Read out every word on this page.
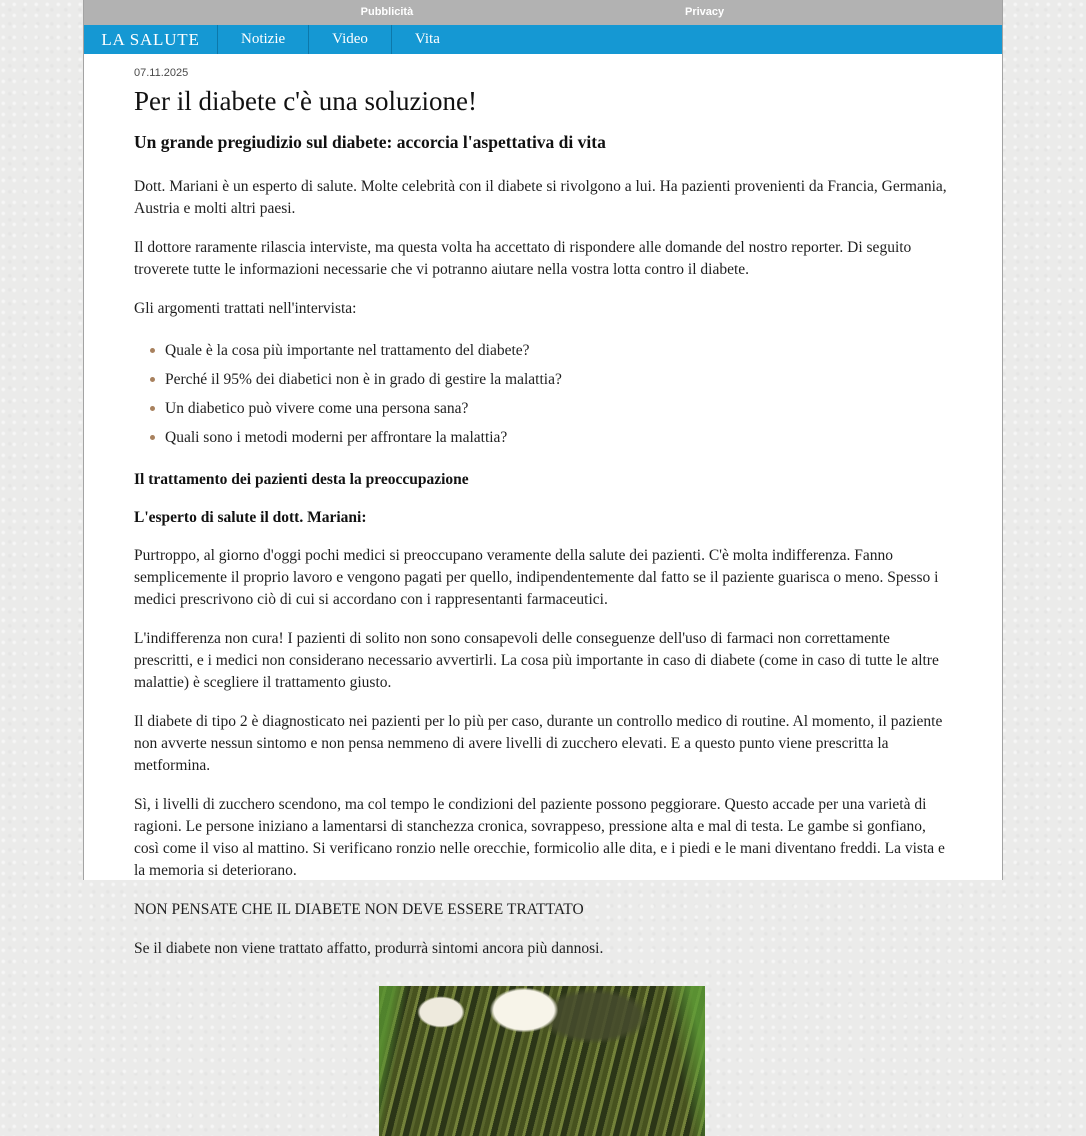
Pubblicità	Privacy
LA SALUTE	Notizie	Video	Vita
07.11.2025
Per il diabete c'è una soluzione!
Un grande pregiudizio sul diabete: accorcia l'aspettativa di vita

Dott. Mariani è un esperto di salute. Molte celebrità con il diabete si rivolgono a lui. Ha pazienti provenienti da Francia, Germania, Austria e molti altri paesi.

Il dottore raramente rilascia interviste, ma questa volta ha accettato di rispondere alle domande del nostro reporter. Di seguito troverete tutte le informazioni necessarie che vi potranno aiutare nella vostra lotta contro il diabete.

Gli argomenti trattati nell'intervista:

Quale è la cosa più importante nel trattamento del diabete?
Perché il 95% dei diabetici non è in grado di gestire la malattia?
Un diabetico può vivere come una persona sana?
Quali sono i metodi moderni per affrontare la malattia?

Il trattamento dei pazienti desta la preoccupazione

L'esperto di salute il dott. Mariani:

Purtroppo, al giorno d'oggi pochi medici si preoccupano veramente della salute dei pazienti. C'è molta indifferenza. Fanno semplicemente il proprio lavoro e vengono pagati per quello, indipendentemente dal fatto se il paziente guarisca o meno. Spesso i medici prescrivono ciò di cui si accordano con i rappresentanti farmaceutici.

L'indifferenza non cura! I pazienti di solito non sono consapevoli delle conseguenze dell'uso di farmaci non correttamente prescritti, e i medici non considerano necessario avvertirli. La cosa più importante in caso di diabete (come in caso di tutte le altre malattie) è scegliere il trattamento giusto.

Il diabete di tipo 2 è diagnosticato nei pazienti per lo più per caso, durante un controllo medico di routine. Al momento, il paziente non avverte nessun sintomo e non pensa nemmeno di avere livelli di zucchero elevati. E a questo punto viene prescritta la metformina.

Sì, i livelli di zucchero scendono, ma col tempo le condizioni del paziente possono peggiorare. Questo accade per una varietà di ragioni. Le persone iniziano a lamentarsi di stanchezza cronica, sovrappeso, pressione alta e mal di testa. Le gambe si gonfiano, così come il viso al mattino. Si verificano ronzio nelle orecchie, formicolio alle dita, e i piedi e le mani diventano freddi. La vista e la memoria si deteriorano.

NON PENSATE CHE IL DIABETE NON DEVE ESSERE TRATTATO

Se il diabete non viene trattato affatto, produrrà sintomi ancora più dannosi.
